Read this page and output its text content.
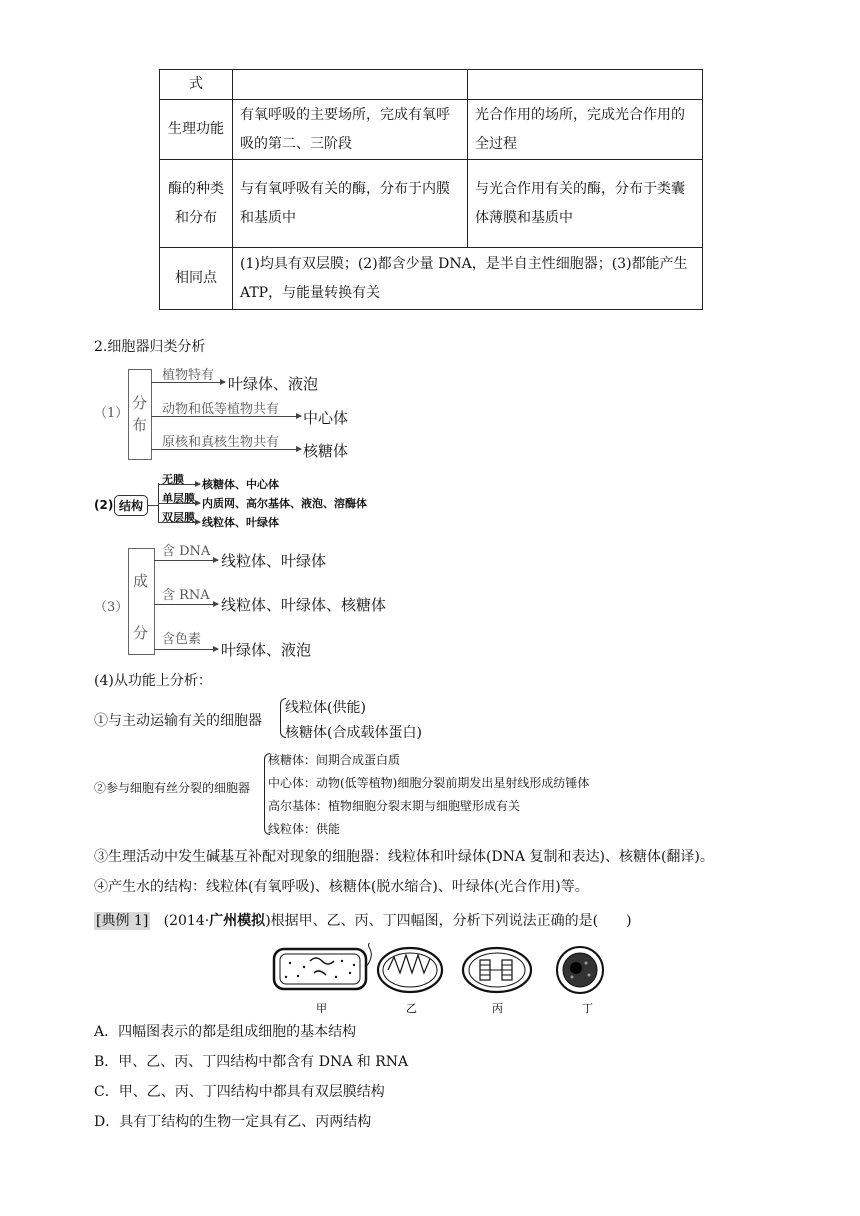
式		
生理功能	有氧呼吸的主要场所，完成有氧呼吸的第二、三阶段	光合作用的场所，完成光合作用的全过程
酶的种类和分布	与有氧呼吸有关的酶，分布于内膜和基质中	与光合作用有关的酶，分布于类囊体薄膜和基质中
相同点	(1)均具有双层膜；(2)都含少量 DNA，是半自主性细胞器；(3)都能产生 ATP，与能量转换有关	
2.细胞器归类分析
（1）
分
布
植物特有 叶绿体、液泡
动物和低等植物共有 中心体
原核和真核生物共有 核糖体
(2) 结构
无膜 核糖体、中心体
单层膜 内质网、高尔基体、液泡、溶酶体
双层膜 线粒体、叶绿体
（3）
成
分
含 DNA
线粒体、叶绿体
含 RNA
线粒体、叶绿体、核糖体
含色素
叶绿体、液泡
(4)从功能上分析：
①与主动运输有关的细胞器
线粒体(供能)
核糖体(合成载体蛋白)
②参与细胞有丝分裂的细胞器
核糖体：间期合成蛋白质
中心体：动物(低等植物)细胞分裂前期发出星射线形成纺锤体
高尔基体：植物细胞分裂末期与细胞壁形成有关
线粒体：供能
③生理活动中发生碱基互补配对现象的细胞器：线粒体和叶绿体(DNA 复制和表达)、核糖体(翻译)。
④产生水的结构：线粒体(有氧呼吸)、核糖体(脱水缩合)、叶绿体(光合作用)等。
[典例 1] (2014·广州模拟)根据甲、乙、丙、丁四幅图，分析下列说法正确的是(　　)
甲	乙	丙	丁
A．四幅图表示的都是组成细胞的基本结构
B．甲、乙、丙、丁四结构中都含有 DNA 和 RNA
C．甲、乙、丙、丁四结构中都具有双层膜结构
D．具有丁结构的生物一定具有乙、丙两结构
